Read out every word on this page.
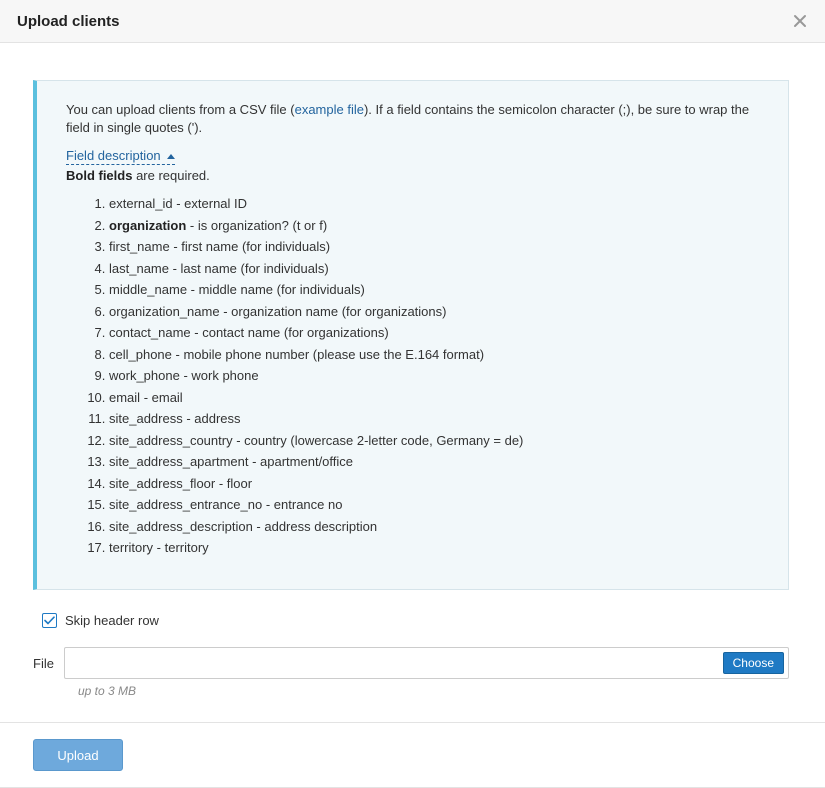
Upload clients

You can upload clients from a CSV file (example file). If a field contains the semicolon character (;), be sure to wrap the field in single quotes (').

Field description
Bold fields are required.
1. external_id - external ID
2. organization - is organization? (t or f)
3. first_name - first name (for individuals)
4. last_name - last name (for individuals)
5. middle_name - middle name (for individuals)
6. organization_name - organization name (for organizations)
7. contact_name - contact name (for organizations)
8. cell_phone - mobile phone number (please use the E.164 format)
9. work_phone - work phone
10. email - email
11. site_address - address
12. site_address_country - country (lowercase 2-letter code, Germany = de)
13. site_address_apartment - apartment/office
14. site_address_floor - floor
15. site_address_entrance_no - entrance no
16. site_address_description - address description
17. territory - territory
Skip header row
File	Choose
up to 3 MB
Upload
